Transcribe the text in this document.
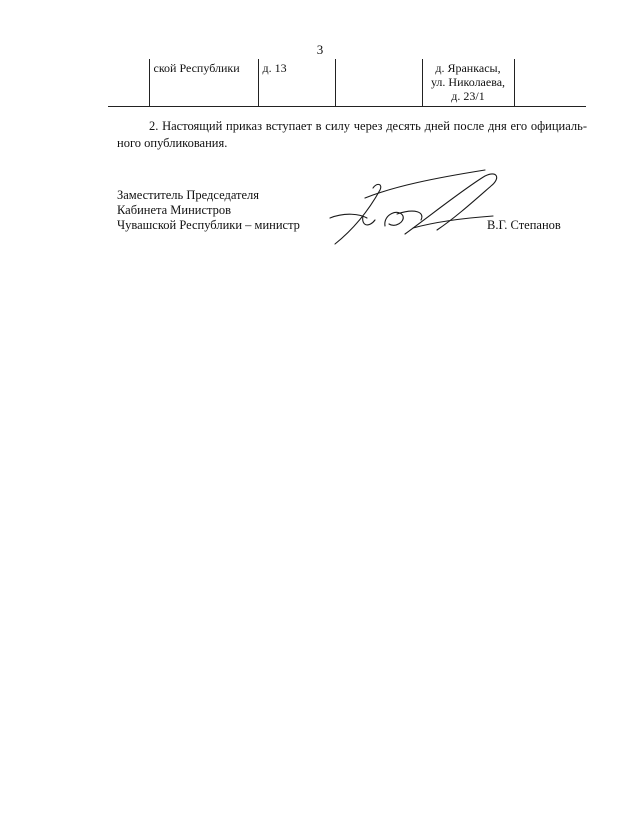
3
	ской Республики	д. 13		д. Яранкасы,
ул. Николаева,
д. 23/1

2. Настоящий приказ вступает в силу через десять дней после дня его официаль-ного опубликования.
Заместитель Председателя
Кабинета Министров
Чувашской Республики – министр	В.Г. Степанов
